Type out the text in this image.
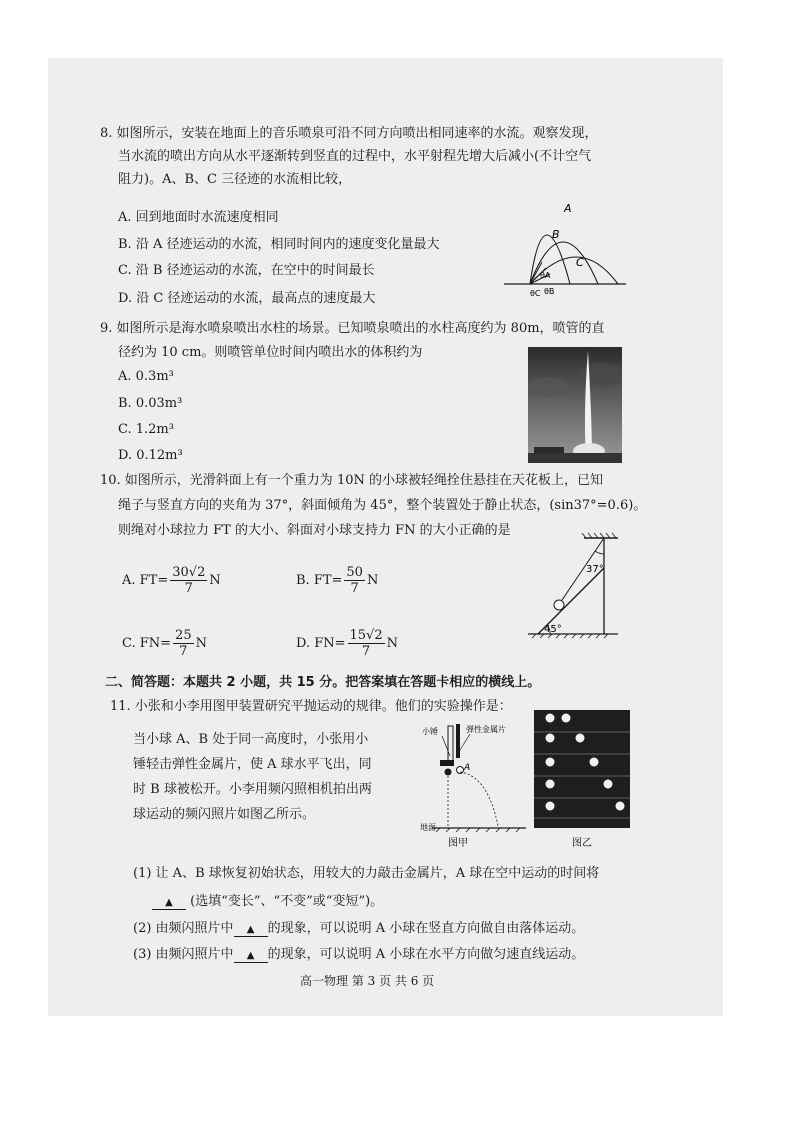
8. 如图所示，安装在地面上的音乐喷泉可沿不同方向喷出相同速率的水流。观察发现，
当水流的喷出方向从水平逐渐转到竖直的过程中，水平射程先增大后减小(不计空气
阻力)。A、B、C 三径迹的水流相比较，
A. 回到地面时水流速度相同
B. 沿 A 径迹运动的水流，相同时间内的速度变化量最大
C. 沿 B 径迹运动的水流，在空中的时间最长
D. 沿 C 径迹运动的水流，最高点的速度最大
A
B
C
θA
θC θB
9. 如图所示是海水喷泉喷出水柱的场景。已知喷泉喷出的水柱高度约为 80m，喷管的直
径约为 10 cm。则喷管单位时间内喷出水的体积约为
A. 0.3m³
B. 0.03m³
C. 1.2m³
D. 0.12m³
10. 如图所示，光滑斜面上有一个重力为 10N 的小球被轻绳拴住悬挂在天花板上，已知
绳子与竖直方向的夹角为 37°，斜面倾角为 45°，整个装置处于静止状态，(sin37°=0.6)。
则绳对小球拉力 FT 的大小、斜面对小球支持力 FN 的大小正确的是
A. $FT= \frac{30√2}{7}$ N	B. $FT= \frac{50}{7}$ N
C. $FN= \frac{25}{7}$ N	D. $FN= \frac{15√2}{7}$ N
37°
45°
二、简答题：本题共 2 小题，共 15 分。把答案填在答题卡相应的横线上。
11. 小张和小李用图甲装置研究平抛运动的规律。他们的实验操作是：
当小球 A、B 处于同一高度时，小张用小
锤轻击弹性金属片，使 A 球水平飞出，同
时 B 球被松开。小李用频闪照相机拍出两
球运动的频闪照片如图乙所示。
小锤	弹性金属片
A
地面
图甲	图乙
(1) 让 A、B 球恢复初始状态，用较大的力敲击金属片，A 球在空中运动的时间将
▲ (选填“变长”、“不变”或“变短”)。
(2) 由频闪照片中 ▲ 的现象，可以说明 A 小球在竖直方向做自由落体运动。
(3) 由频闪照片中 ▲ 的现象，可以说明 A 小球在水平方向做匀速直线运动。
高一物理 第 3 页 共 6 页
